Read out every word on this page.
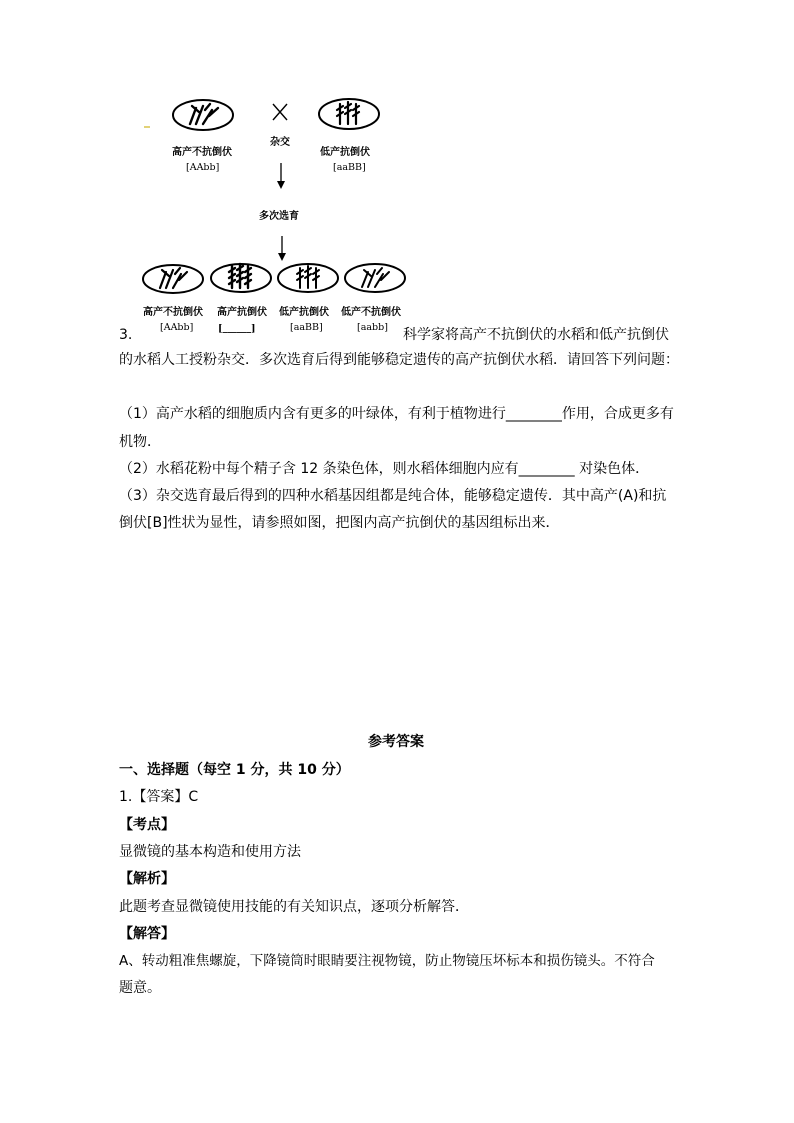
高产不抗倒伏
[AAbb]
杂交
低产抗倒伏
[aaBB]
多次选育
高产不抗倒伏 高产抗倒伏 低产抗倒伏 低产不抗倒伏
[AAbb]	[______]	[aaBB]	[aabb]
3.	科学家将高产不抗倒伏的水稻和低产抗倒伏
的水稻人工授粉杂交．多次选育后得到能够稳定遗传的高产抗倒伏水稻．请回答下列问题：
（1）高产水稻的细胞质内含有更多的叶绿体，有利于植物进行________作用，合成更多有
机物．
（2）水稻花粉中每个精子含 12 条染色体，则水稻体细胞内应有________ 对染色体．
（3）杂交选育最后得到的四种水稻基因组都是纯合体，能够稳定遗传．其中高产(A)和抗
倒伏[B]性状为显性，请参照如图，把图内高产抗倒伏的基因组标出来．
参考答案
一、选择题（每空 1 分，共 10 分）
1.【答案】C
【考点】
显微镜的基本构造和使用方法
【解析】
此题考查显微镜使用技能的有关知识点，逐项分析解答．
【解答】
A、转动粗准焦螺旋，下降镜筒时眼睛要注视物镜，防止物镜压坏标本和损伤镜头。不符合
题意。
